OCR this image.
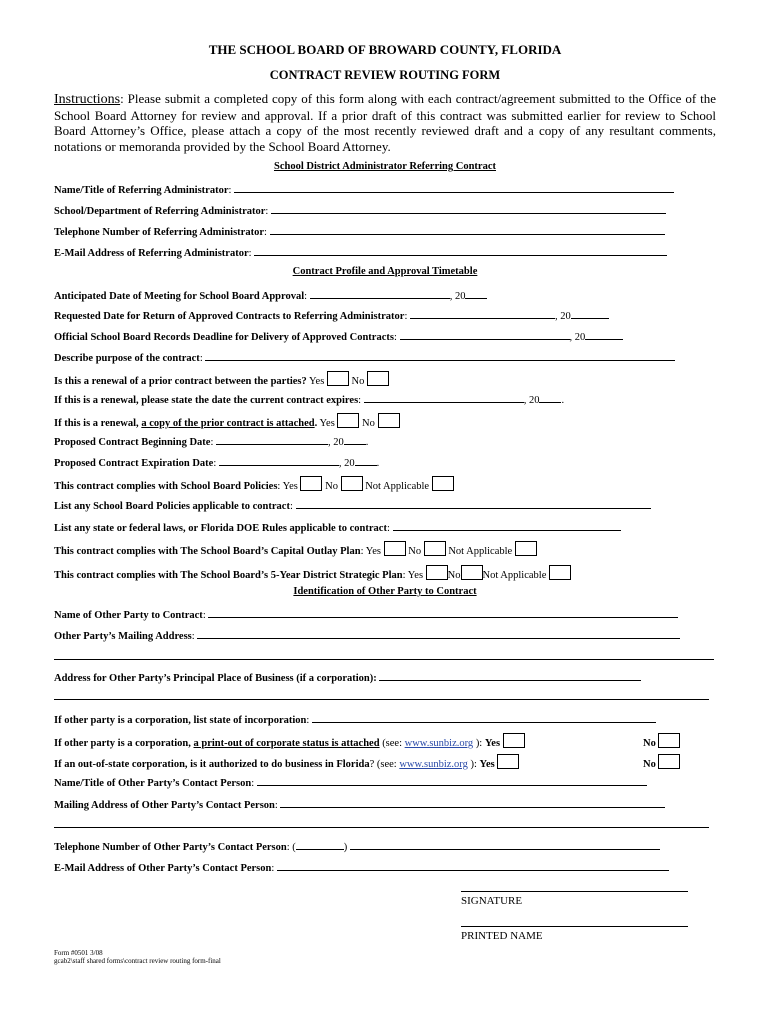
THE SCHOOL BOARD OF BROWARD COUNTY, FLORIDA
CONTRACT REVIEW ROUTING FORM
Instructions: Please submit a completed copy of this form along with each contract/agreement submitted to the Office of the School Board Attorney for review and approval. If a prior draft of this contract was submitted earlier for review to School Board Attorney’s Office, please attach a copy of the most recently reviewed draft and a copy of any resultant comments, notations or memoranda provided by the School Board Attorney.
School District Administrator Referring Contract
Name/Title of Referring Administrator:
School/Department of Referring Administrator:
Telephone Number of Referring Administrator:
E-Mail Address of Referring Administrator:
Contract Profile and Approval Timetable
Anticipated Date of Meeting for School Board Approval:	, 20
Requested Date for Return of Approved Contracts to Referring Administrator:	, 20
Official School Board Records Deadline for Delivery of Approved Contracts:	, 20
Describe purpose of the contract:
Is this a renewal of a prior contract between the parties? Yes	No
If this is a renewal, please state the date the current contract expires:	, 20 .
If this is a renewal, a copy of the prior contract is attached. Yes	No
Proposed Contract Beginning Date:	, 20 .
Proposed Contract Expiration Date:	, 20 .
This contract complies with School Board Policies: Yes	No	Not Applicable
List any School Board Policies applicable to contract:
List any state or federal laws, or Florida DOE Rules applicable to contract:
This contract complies with The School Board’s Capital Outlay Plan: Yes	No	Not Applicable
This contract complies with The School Board’s 5-Year District Strategic Plan: Yes No Not Applicable
Identification of Other Party to Contract
Name of Other Party to Contract:
Other Party’s Mailing Address:
Address for Other Party’s Principal Place of Business (if a corporation):
If other party is a corporation, list state of incorporation:
If other party is a corporation, a print-out of corporate status is attached (see: www.sunbiz.org ): Yes	No
If an out-of-state corporation, is it authorized to do business in Florida? (see: www.sunbiz.org ): Yes	No
Name/Title of Other Party’s Contact Person:
Mailing Address of Other Party’s Contact Person:
Telephone Number of Other Party’s Contact Person: (	)
E-Mail Address of Other Party’s Contact Person:
SIGNATURE
PRINTED NAME
Form #0501 3/08
gcab2\staff shared forms\contract review routing form-final
